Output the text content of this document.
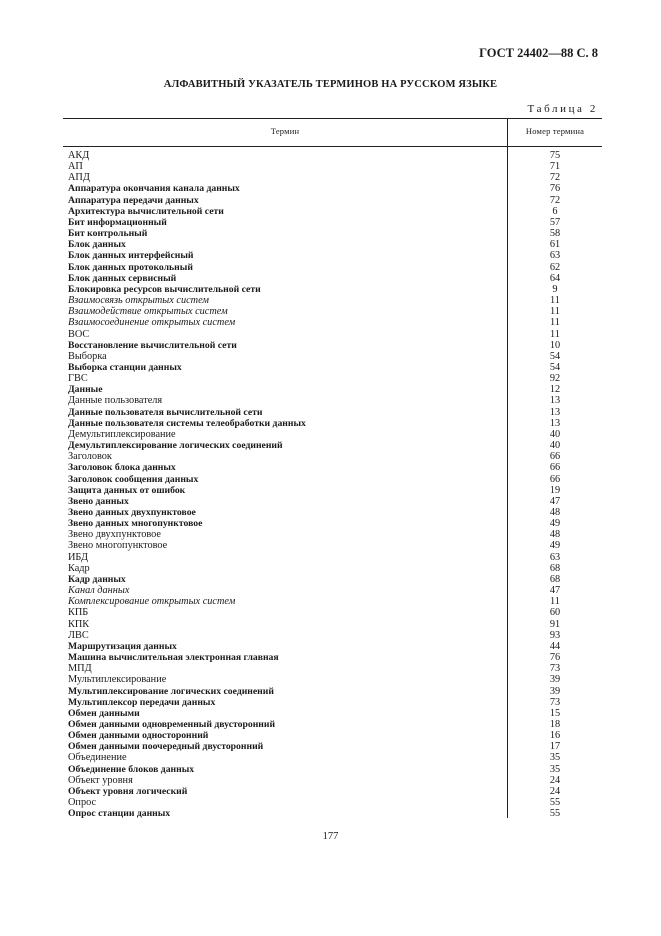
ГОСТ 24402—88 С. 8
АЛФАВИТНЫЙ УКАЗАТЕЛЬ ТЕРМИНОВ НА РУССКОМ ЯЗЫКЕ
Таблица 2
Термин	Номер термина
АКД	75
АП	71
АПД	72
Аппаратура окончания канала данных	76
Аппаратура передачи данных	72
Архитектура вычислительной сети	6
Бит информационный	57
Бит контрольный	58
Блок данных	61
Блок данных интерфейсный	63
Блок данных протокольный	62
Блок данных сервисный	64
Блокировка ресурсов вычислительной сети	9
Взаимосвязь открытых систем	11
Взаимодействие открытых систем	11
Взаимосоединение открытых систем	11
ВОС	11
Восстановление вычислительной сети	10
Выборка	54
Выборка станции данных	54
ГВС	92
Данные	12
Данные пользователя	13
Данные пользователя вычислительной сети	13
Данные пользователя системы телеобработки данных	13
Демультиплексирование	40
Демультиплексирование логических соединений	40
Заголовок	66
Заголовок блока данных	66
Заголовок сообщения данных	66
Защита данных от ошибок	19
Звено данных	47
Звено данных двухпунктовое	48
Звено данных многопунктовое	49
Звено двухпунктовое	48
Звено многопунктовое	49
ИБД	63
Кадр	68
Кадр данных	68
Канал данных	47
Комплексирование открытых систем	11
КПБ	60
КПК	91
ЛВС	93
Маршрутизация данных	44
Машина вычислительная электронная главная	76
МПД	73
Мультиплексирование	39
Мультиплексирование логических соединений	39
Мультиплексор передачи данных	73
Обмен данными	15
Обмен данными одновременный двусторонний	18
Обмен данными односторонний	16
Обмен данными поочередный двусторонний	17
Объединение	35
Объединение блоков данных	35
Объект уровня	24
Объект уровня логический	24
Опрос	55
Опрос станции данных	55
177
